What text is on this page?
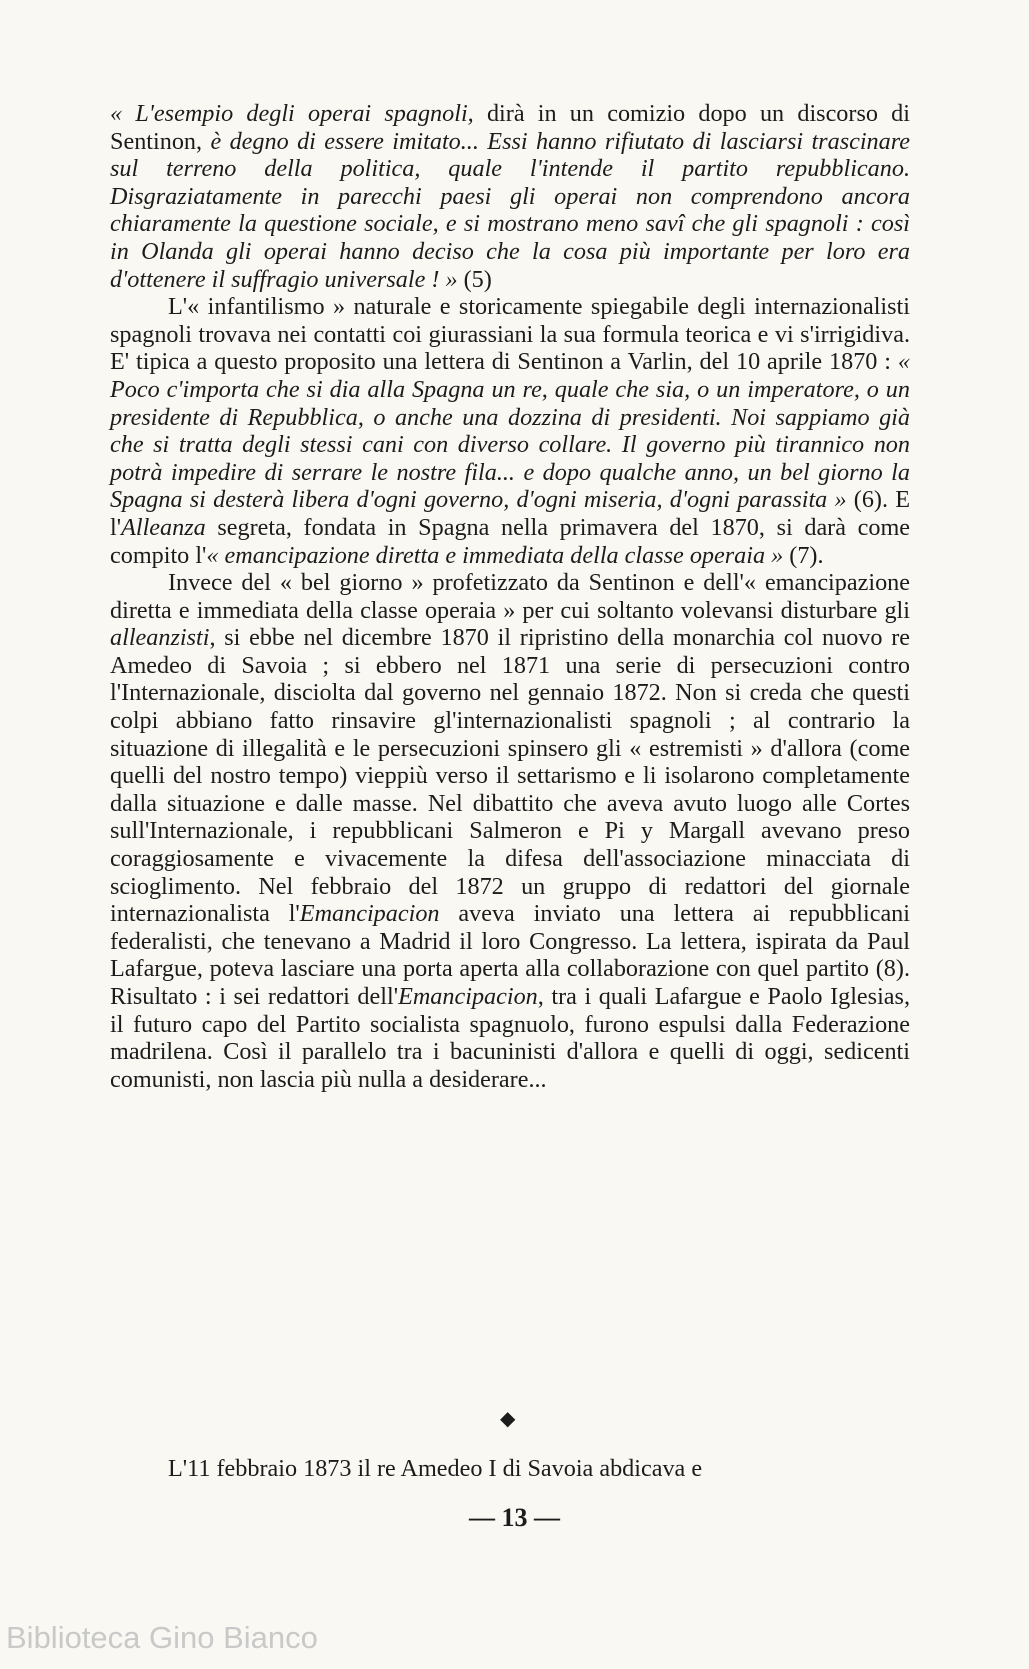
« L'esempio degli operai spagnoli, dirà in un comizio dopo un discorso di Sentinon, è degno di essere imitato... Essi hanno rifiutato di lasciarsi trascinare sul terreno della politica, quale l'intende il partito repubblicano. Disgraziatamente in parecchi paesi gli operai non comprendono ancora chiaramente la questione sociale, e si mostrano meno savî che gli spagnoli : così in Olanda gli operai hanno deciso che la cosa più importante per loro era d'ottenere il suffragio universale ! » (5)

L'« infantilismo » naturale e storicamente spiegabile degli internazionalisti spagnoli trovava nei contatti coi giurassiani la sua formula teorica e vi s'irrigidiva. E' tipica a questo proposito una lettera di Sentinon a Varlin, del 10 aprile 1870 : « Poco c'importa che si dia alla Spagna un re, quale che sia, o un imperatore, o un presidente di Repubblica, o anche una dozzina di presidenti. Noi sappiamo già che si tratta degli stessi cani con diverso collare. Il governo più tirannico non potrà impedire di serrare le nostre fila... e dopo qualche anno, un bel giorno la Spagna si desterà libera d'ogni governo, d'ogni miseria, d'ogni parassita » (6). E l'Alleanza segreta, fondata in Spagna nella primavera del 1870, si darà come compito l'« emancipazione diretta e immediata della classe operaia » (7).

Invece del « bel giorno » profetizzato da Sentinon e dell'« emancipazione diretta e immediata della classe operaia » per cui soltanto volevansi disturbare gli alleanzisti, si ebbe nel dicembre 1870 il ripristino della monarchia col nuovo re Amedeo di Savoia ; si ebbero nel 1871 una serie di persecuzioni contro l'Internazionale, disciolta dal governo nel gennaio 1872. Non si creda che questi colpi abbiano fatto rinsavire gl'internazionalisti spagnoli ; al contrario la situazione di illegalità e le persecuzioni spinsero gli « estremisti » d'allora (come quelli del nostro tempo) vieppiù verso il settarismo e li isolarono completamente dalla situazione e dalle masse. Nel dibattito che aveva avuto luogo alle Cortes sull'Internazionale, i repubblicani Salmeron e Pi y Margall avevano preso coraggiosamente e vivacemente la difesa dell'associazione minacciata di scioglimento. Nel febbraio del 1872 un gruppo di redattori del giornale internazionalista l'Emancipacion aveva inviato una lettera ai repubblicani federalisti, che tenevano a Madrid il loro Congresso. La lettera, ispirata da Paul Lafargue, poteva lasciare una porta aperta alla collaborazione con quel partito (8). Risultato : i sei redattori dell'Emancipacion, tra i quali Lafargue e Paolo Iglesias, il futuro capo del Partito socialista spagnuolo, furono espulsi dalla Federazione madrilena. Così il parallelo tra i bacuninisti d'allora e quelli di oggi, sedicenti comunisti, non lascia più nulla a desiderare...

◆

L'11 febbraio 1873 il re Amedeo I di Savoia abdicava e

— 13 —
Biblioteca Gino Bianco
